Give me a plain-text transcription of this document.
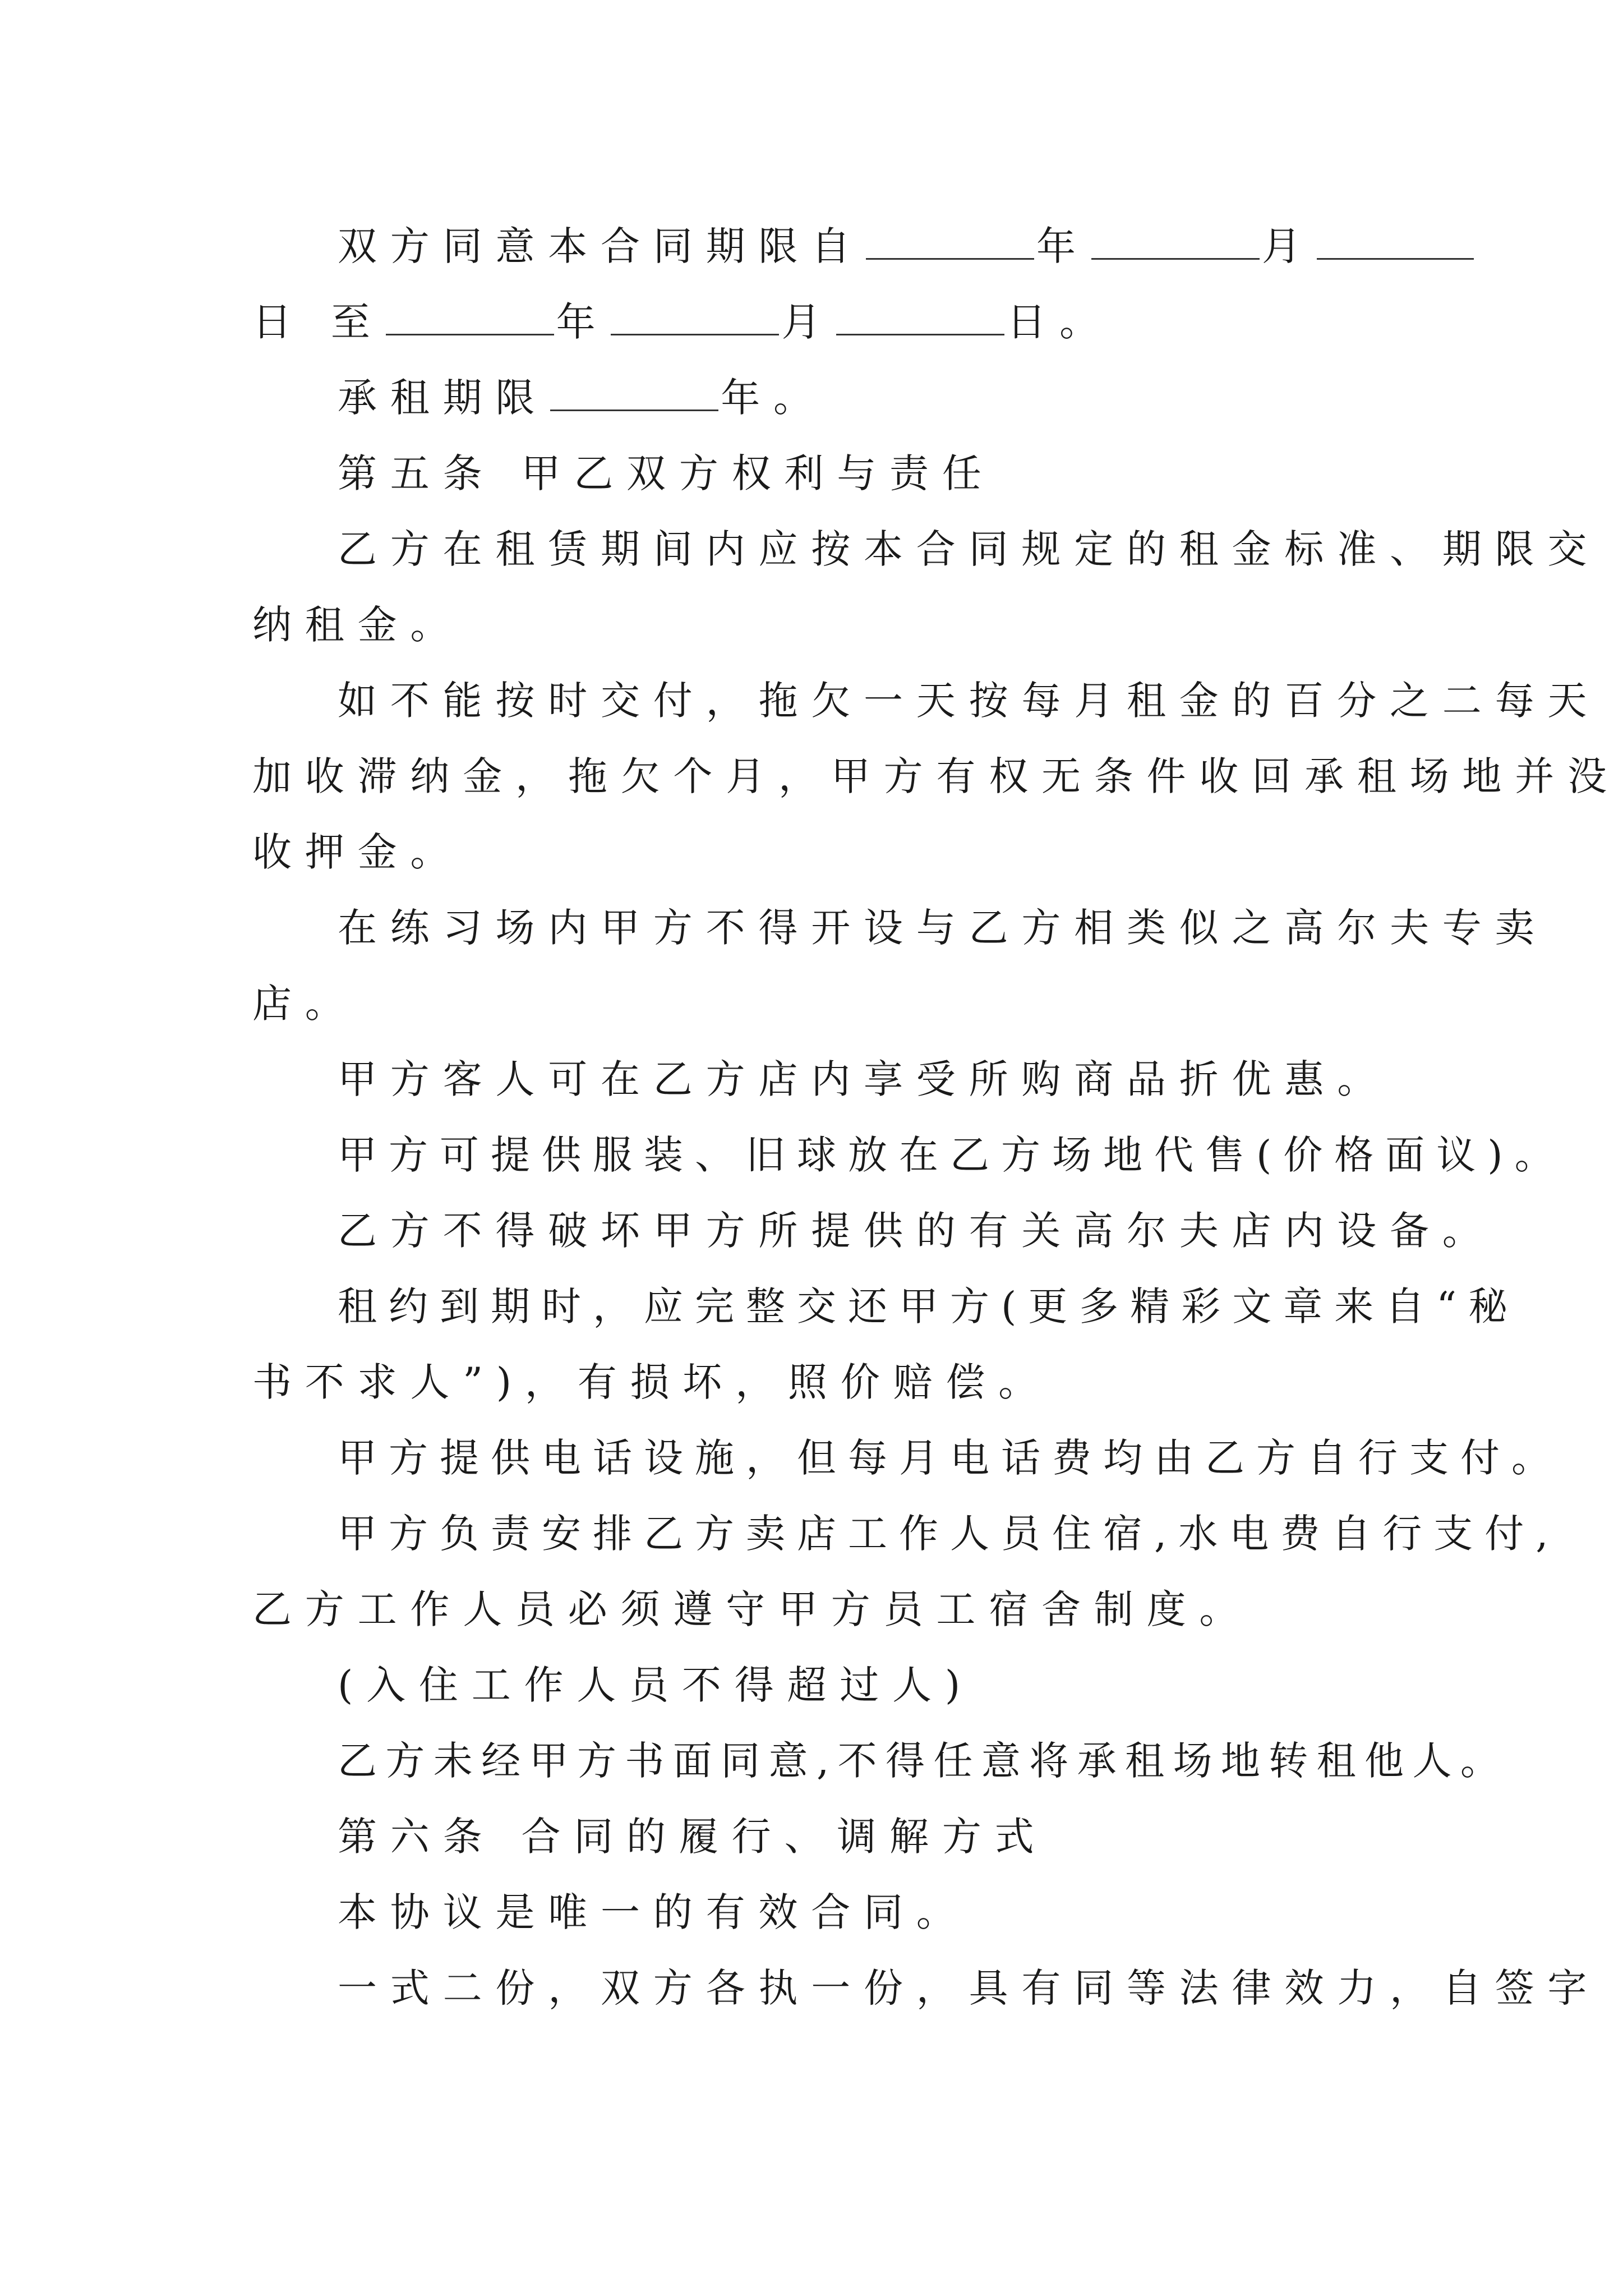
双方同意本合同期限自	年	月
日 至	年	月	日。
承租期限	年。
第五条 甲乙双方权利与责任
乙方在租赁期间内应按本合同规定的租金标准、期限交
纳租金。
如不能按时交付，拖欠一天按每月租金的百分之二每天
加收滞纳金，拖欠个月，甲方有权无条件收回承租场地并没
收押金。
在练习场内甲方不得开设与乙方相类似之高尔夫专卖
店。
甲方客人可在乙方店内享受所购商品折优惠。
甲方可提供服装、旧球放在乙方场地代售(价格面议)。
乙方不得破坏甲方所提供的有关高尔夫店内设备。
租约到期时，应完整交还甲方(更多精彩文章来自“秘
书不求人”)，有损坏，照价赔偿。
甲方提供电话设施，但每月电话费均由乙方自行支付。
甲方负责安排乙方卖店工作人员住宿,水电费自行支付,
乙方工作人员必须遵守甲方员工宿舍制度。
(入住工作人员不得超过人)
乙方未经甲方书面同意,不得任意将承租场地转租他人。
第六条 合同的履行、调解方式
本协议是唯一的有效合同。
一式二份，双方各执一份，具有同等法律效力，自签字
